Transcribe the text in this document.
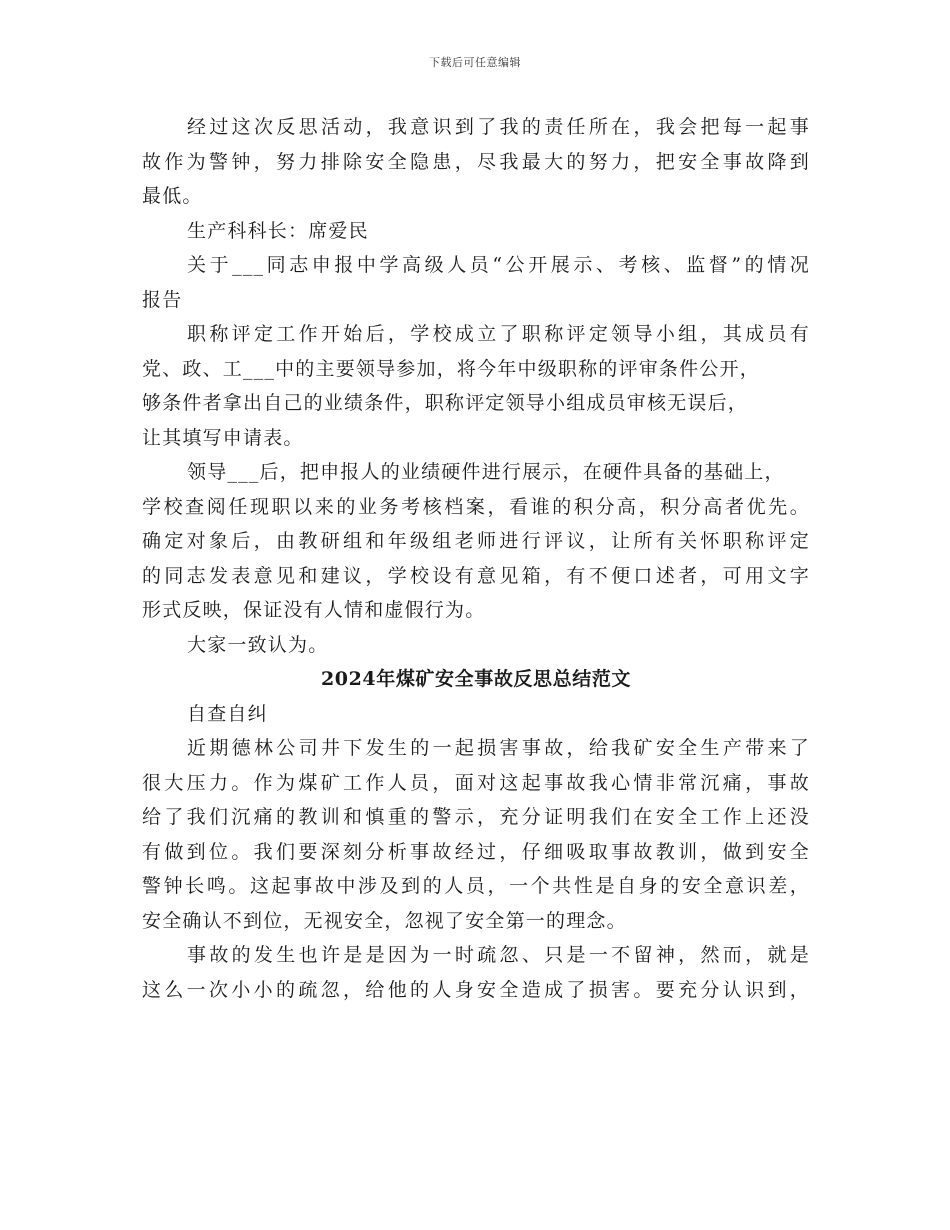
下载后可任意编辑
经过这次反思活动，我意识到了我的责任所在，我会把每一起事
故作为警钟，努力排除安全隐患，尽我最大的努力，把安全事故降到
最低。
生产科科长：席爱民
关于___同志申报中学高级人员“公开展示、考核、监督”的情况
报告
职称评定工作开始后，学校成立了职称评定领导小组，其成员有
党、政、工___中的主要领导参加，将今年中级职称的评审条件公开，
够条件者拿出自己的业绩条件，职称评定领导小组成员审核无误后，
让其填写申请表。
领导___后，把申报人的业绩硬件进行展示，在硬件具备的基础上，
学校查阅任现职以来的业务考核档案，看谁的积分高，积分高者优先。
确定对象后，由教研组和年级组老师进行评议，让所有关怀职称评定
的同志发表意见和建议，学校设有意见箱，有不便口述者，可用文字
形式反映，保证没有人情和虚假行为。
大家一致认为。
2024年煤矿安全事故反思总结范文
自查自纠
近期德林公司井下发生的一起损害事故，给我矿安全生产带来了
很大压力。作为煤矿工作人员，面对这起事故我心情非常沉痛，事故
给了我们沉痛的教训和慎重的警示，充分证明我们在安全工作上还没
有做到位。我们要深刻分析事故经过，仔细吸取事故教训，做到安全
警钟长鸣。这起事故中涉及到的人员，一个共性是自身的安全意识差，
安全确认不到位，无视安全，忽视了安全第一的理念。
事故的发生也许是是因为一时疏忽、只是一不留神，然而，就是
这么一次小小的疏忽，给他的人身安全造成了损害。要充分认识到，
